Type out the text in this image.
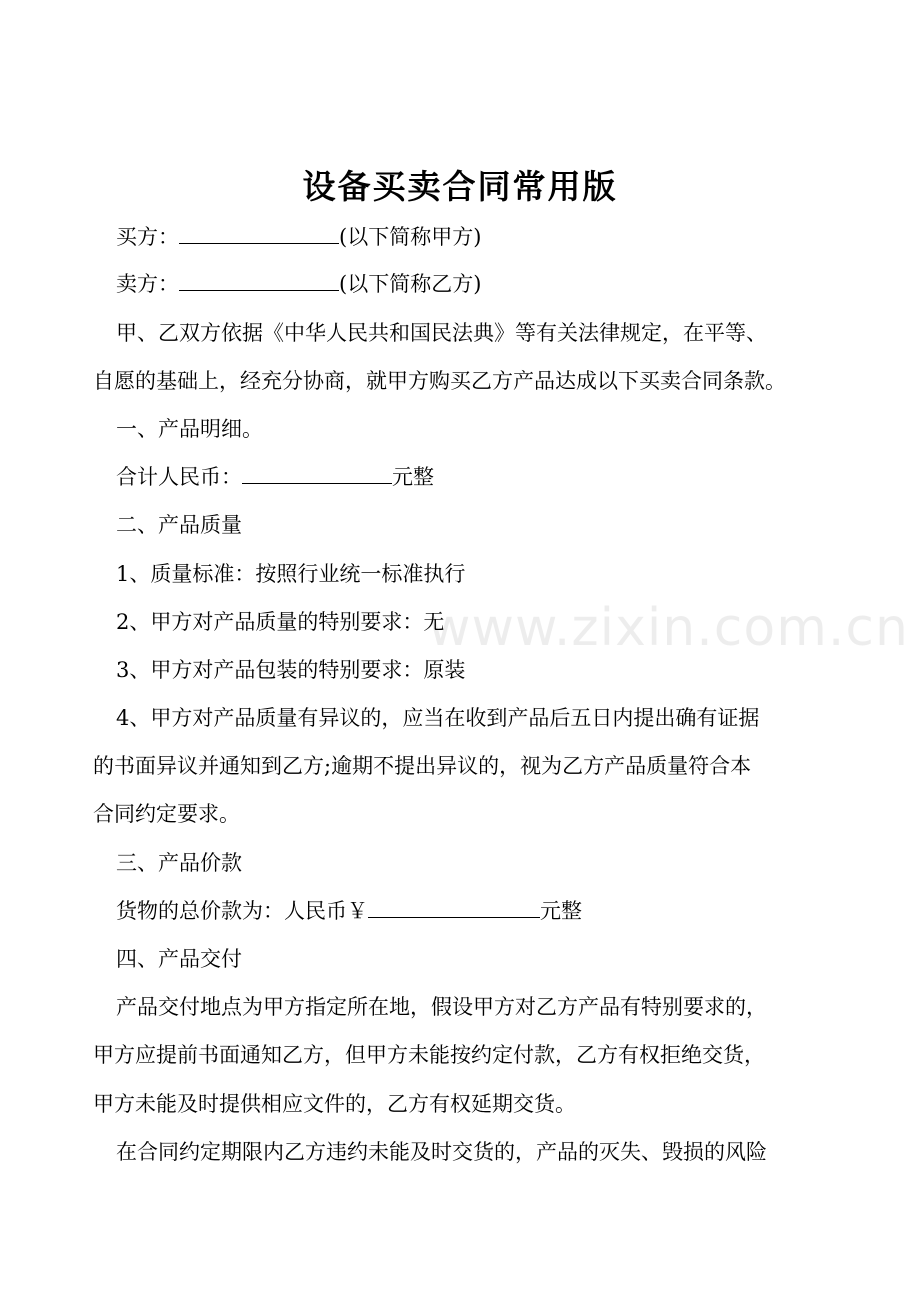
www.zixin.com.cn
设备买卖合同常用版
买方：	(以下简称甲方)
卖方：	(以下简称乙方)
甲、乙双方依据《中华人民共和国民法典》等有关法律规定，在平等、
自愿的基础上，经充分协商，就甲方购买乙方产品达成以下买卖合同条款。
一、产品明细。
合计人民币：	元整
二、产品质量
1、质量标准：按照行业统一标准执行
2、甲方对产品质量的特别要求：无
3、甲方对产品包装的特别要求：原装
4、甲方对产品质量有异议的，应当在收到产品后五日内提出确有证据
的书面异议并通知到乙方;逾期不提出异议的，视为乙方产品质量符合本
合同约定要求。
三、产品价款
货物的总价款为：人民币￥	元整
四、产品交付
产品交付地点为甲方指定所在地，假设甲方对乙方产品有特别要求的，
甲方应提前书面通知乙方，但甲方未能按约定付款，乙方有权拒绝交货，
甲方未能及时提供相应文件的，乙方有权延期交货。
在合同约定期限内乙方违约未能及时交货的，产品的灭失、毁损的风险
